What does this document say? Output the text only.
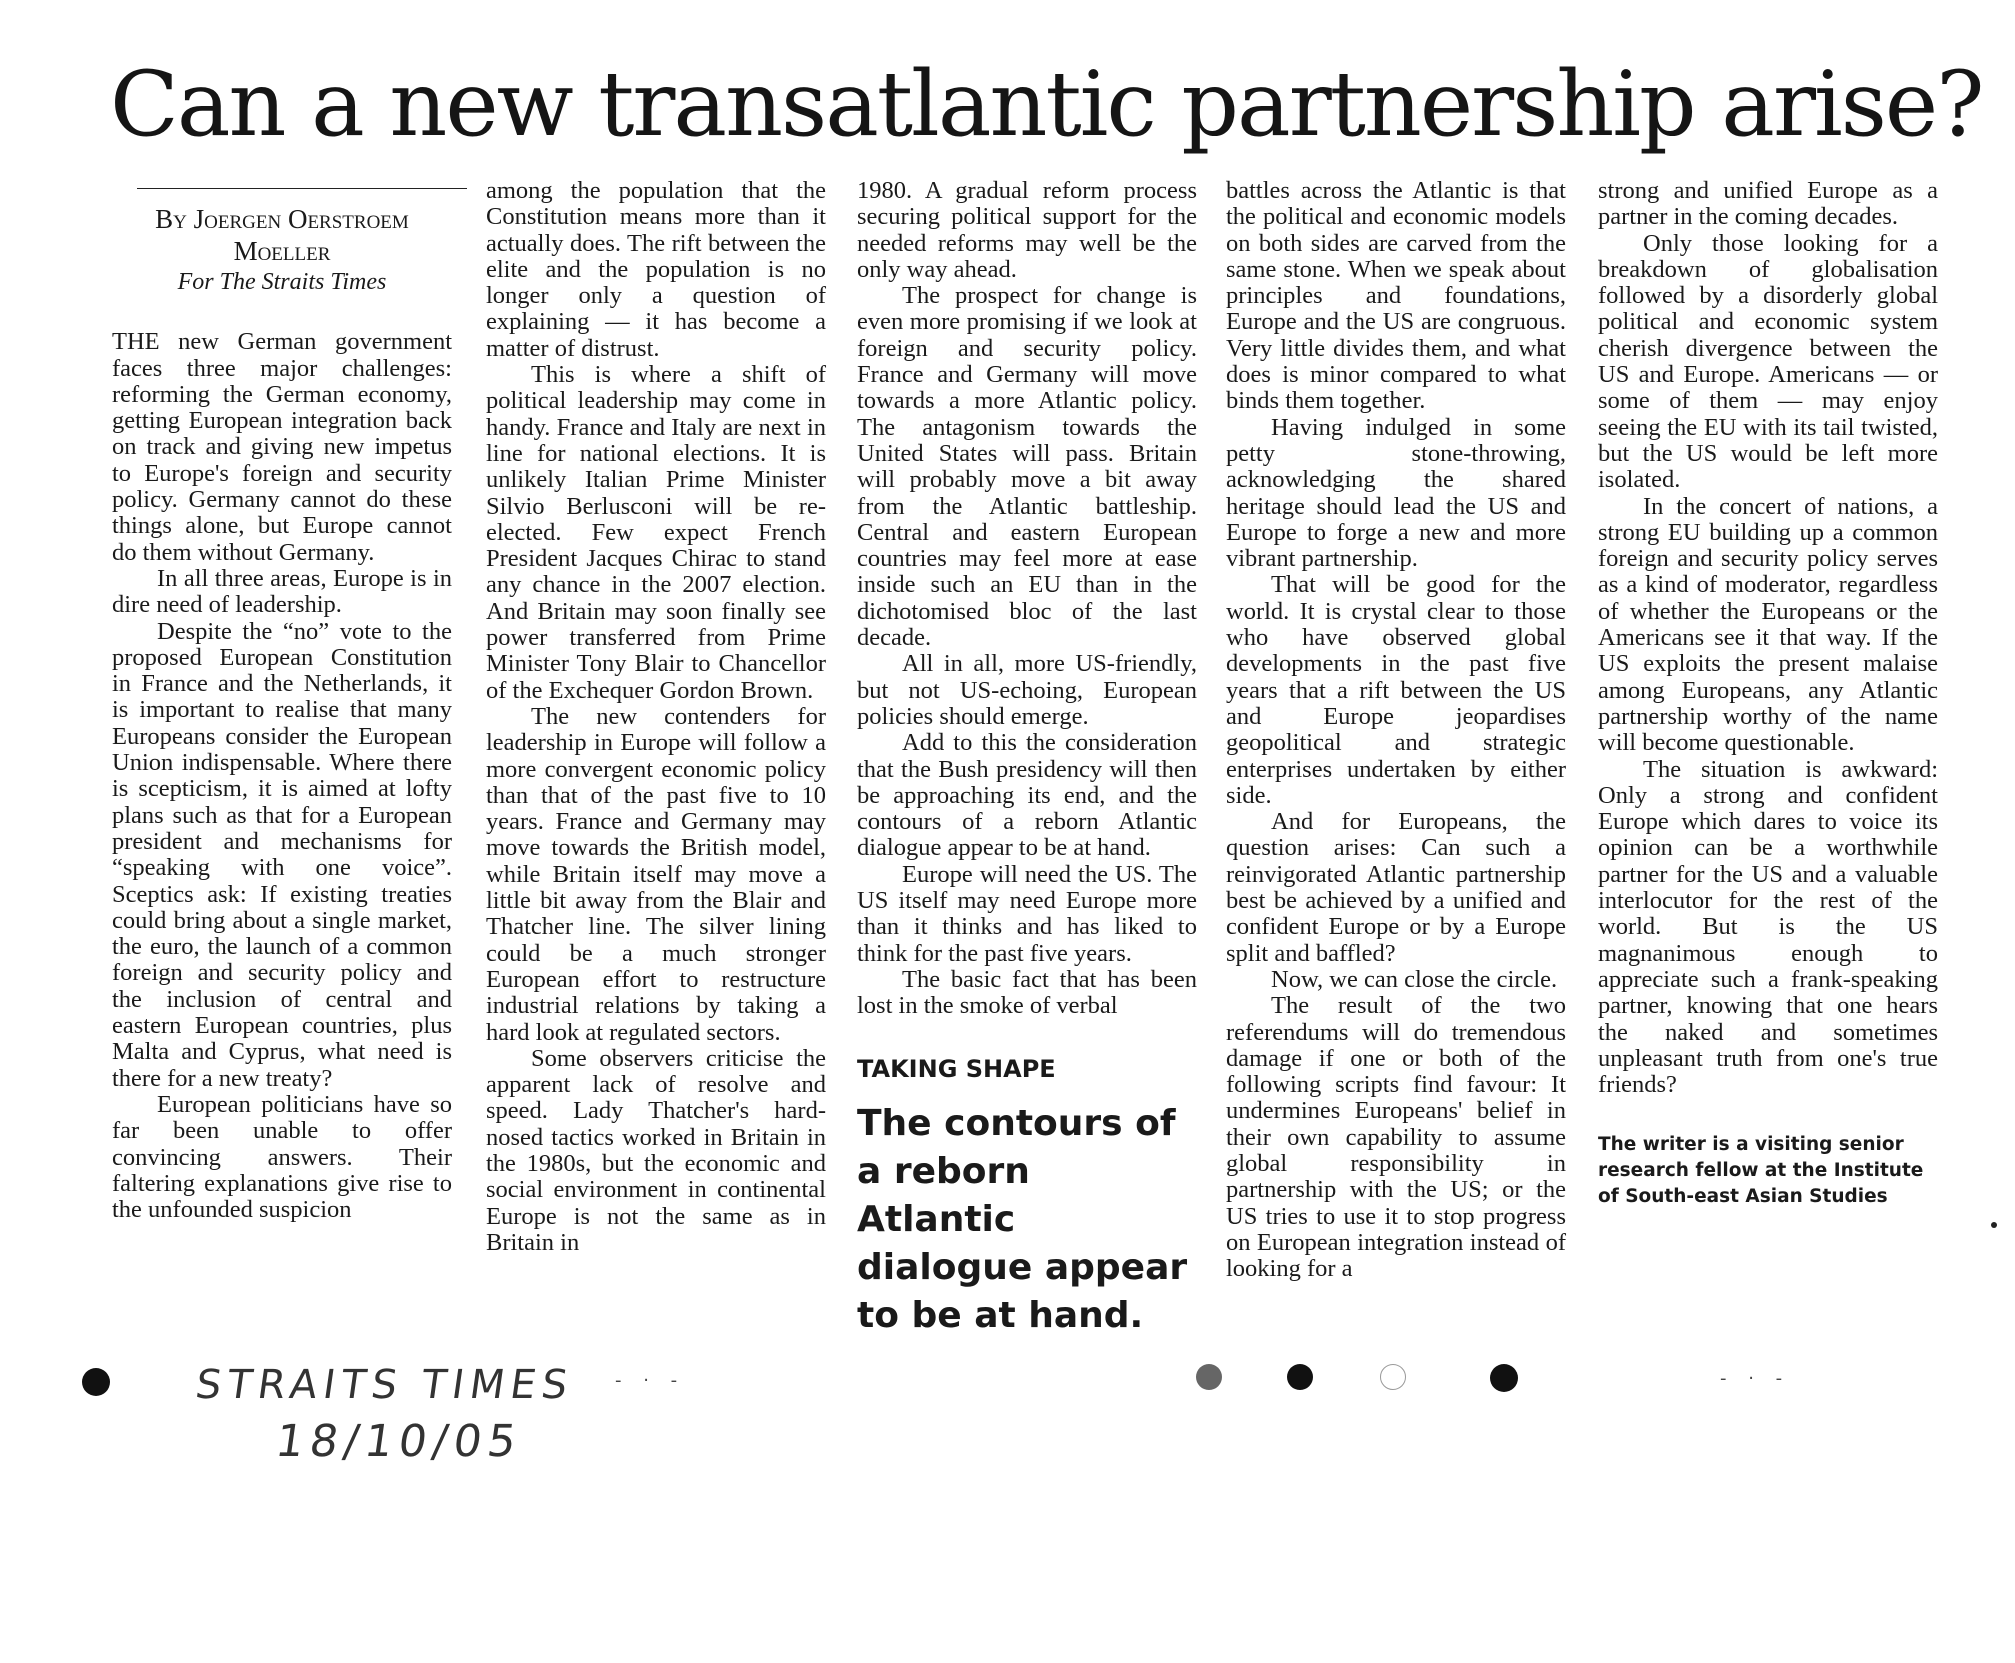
Can a new transatlantic partnership arise?

By Joergen Oerstroem Moeller

For The Straits Times

THE new German government faces three major challenges: reforming the German economy, getting European integration back on track and giving new impetus to Europe's foreign and security policy. Germany cannot do these things alone, but Europe cannot do them without Germany.

In all three areas, Europe is in dire need of leadership.

Despite the “no” vote to the proposed European Constitution in France and the Netherlands, it is important to realise that many Europeans consider the European Union indispensable. Where there is scepticism, it is aimed at lofty plans such as that for a European president and mechanisms for “speaking with one voice”. Sceptics ask: If existing treaties could bring about a single market, the euro, the launch of a common foreign and security policy and the inclusion of central and eastern European countries, plus Malta and Cyprus, what need is there for a new treaty?

European politicians have so far been unable to offer convincing answers. Their faltering explanations give rise to the unfounded suspicion

among the population that the Constitution means more than it actually does. The rift between the elite and the population is no longer only a question of explaining — it has become a matter of distrust.

This is where a shift of political leadership may come in handy. France and Italy are next in line for national elections. It is unlikely Italian Prime Minister Silvio Berlusconi will be re-elected. Few expect French President Jacques Chirac to stand any chance in the 2007 election. And Britain may soon finally see power transferred from Prime Minister Tony Blair to Chancellor of the Exchequer Gordon Brown.

The new contenders for leadership in Europe will follow a more convergent economic policy than that of the past five to 10 years. France and Germany may move towards the British model, while Britain itself may move a little bit away from the Blair and Thatcher line. The silver lining could be a much stronger European effort to restructure industrial relations by taking a hard look at regulated sectors.

Some observers criticise the apparent lack of resolve and speed. Lady Thatcher's hard-nosed tactics worked in Britain in the 1980s, but the economic and social environment in continental Europe is not the same as in Britain in

1980. A gradual reform process securing political support for the needed reforms may well be the only way ahead.

The prospect for change is even more promising if we look at foreign and security policy. France and Germany will move towards a more Atlantic policy. The antagonism towards the United States will pass. Britain will probably move a bit away from the Atlantic battleship. Central and eastern European countries may feel more at ease inside such an EU than in the dichotomised bloc of the last decade.

All in all, more US-friendly, but not US-echoing, European policies should emerge.

Add to this the consideration that the Bush presidency will then be approaching its end, and the contours of a reborn Atlantic dialogue appear to be at hand.

Europe will need the US. The US itself may need Europe more than it thinks and has liked to think for the past five years.

The basic fact that has been lost in the smoke of verbal

TAKING SHAPE

The contours of a reborn Atlantic dialogue appear to be at hand.

battles across the Atlantic is that the political and economic models on both sides are carved from the same stone. When we speak about principles and foundations, Europe and the US are congruous. Very little divides them, and what does is minor compared to what binds them together.

Having indulged in some petty stone-throwing, acknowledging the shared heritage should lead the US and Europe to forge a new and more vibrant partnership.

That will be good for the world. It is crystal clear to those who have observed global developments in the past five years that a rift between the US and Europe jeopardises geopolitical and strategic enterprises undertaken by either side.

And for Europeans, the question arises: Can such a reinvigorated Atlantic partnership best be achieved by a unified and confident Europe or by a Europe split and baffled?

Now, we can close the circle.

The result of the two referendums will do tremendous damage if one or both of the following scripts find favour: It undermines Europeans' belief in their own capability to assume global responsibility in partnership with the US; or the US tries to use it to stop progress on European integration instead of looking for a

strong and unified Europe as a partner in the coming decades.

Only those looking for a breakdown of globalisation followed by a disorderly global political and economic system cherish divergence between the US and Europe. Americans — or some of them — may enjoy seeing the EU with its tail twisted, but the US would be left more isolated.

In the concert of nations, a strong EU building up a common foreign and security policy serves as a kind of moderator, regardless of whether the Europeans or the Americans see it that way. If the US exploits the present malaise among Europeans, any Atlantic partnership worthy of the name will become questionable.

The situation is awkward: Only a strong and confident Europe which dares to voice its opinion can be a worthwhile partner for the US and a valuable interlocutor for the rest of the world. But is the US magnanimous enough to appreciate such a frank-speaking partner, knowing that one hears the naked and sometimes unpleasant truth from one's true friends?

The writer is a visiting senior research fellow at the Institute of South-east Asian Studies

STRAITS TIMES - · -
18/10/05
- · -
